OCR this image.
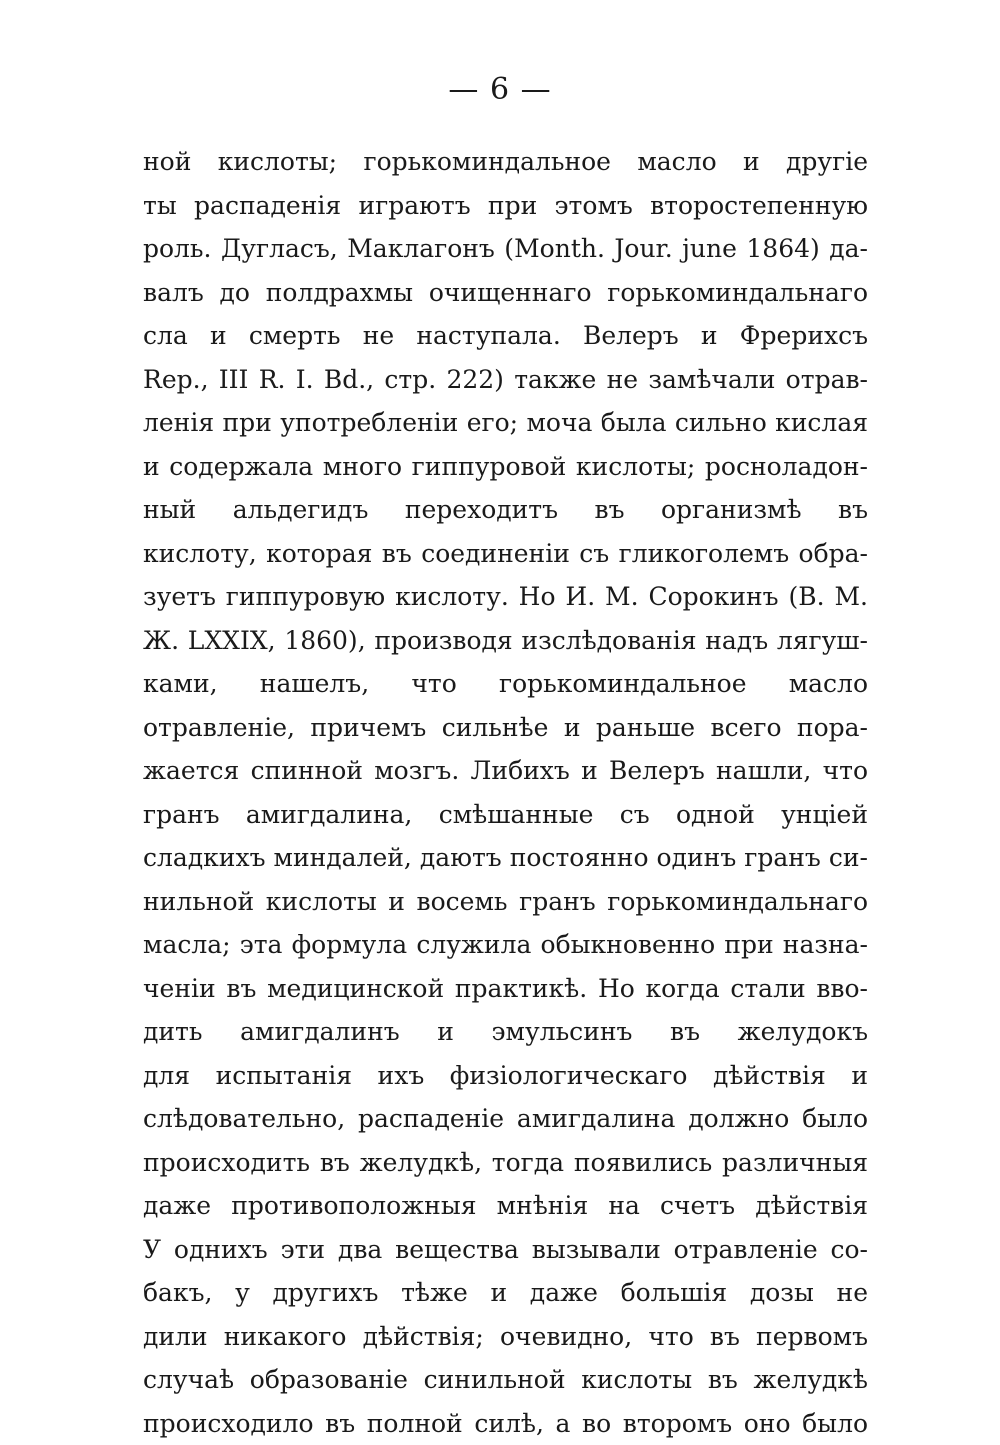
— 6 —
ной кислоты; горькоминдальное масло и другіе
ты распаденія играютъ при этомъ второстепенную
роль. Дугласъ, Маклагонъ (Month. Jour. june 1864) да-
валъ до полдрахмы очищеннаго горькоминдальнаго
сла и смерть не наступала. Велеръ и Фрерихсъ
Rep., III R. I. Bd., стр. 222) также не замѣчали отрав-
ленія при употребленіи его; моча была сильно кислая
и содержала много гиппуровой кислоты; росноладон-
ный альдегидъ переходитъ въ организмѣ въ
кислоту, которая въ соединеніи съ гликоголемъ обра-
зуетъ гиппуровую кислоту. Но И. М. Сорокинъ (В. М.
Ж. LXXIX, 1860), производя изслѣдованія надъ лягуш-
ками, нашелъ, что горькоминдальное масло
отравленіе, причемъ сильнѣе и раньше всего пора-
жается спинной мозгъ. Либихъ и Велеръ нашли, что
гранъ амигдалина, смѣшанные съ одной унціей
сладкихъ миндалей, даютъ постоянно одинъ гранъ си-
нильной кислоты и восемь гранъ горькоминдальнаго
масла; эта формула служила обыкновенно при назна-
ченіи въ медицинской практикѣ. Но когда стали вво-
дить амигдалинъ и эмульсинъ въ желудокъ
для испытанія ихъ физіологическаго дѣйствія и
слѣдовательно, распаденіе амигдалина должно было
происходить въ желудкѣ, тогда появились различныя
даже противоположныя мнѣнія на счетъ дѣйствія
У однихъ эти два вещества вызывали отравленіе со-
бакъ, у другихъ тѣже и даже большія дозы не
дили никакого дѣйствія; очевидно, что въ первомъ
случаѣ образованіе синильной кислоты въ желудкѣ
происходило въ полной силѣ, а во второмъ оно было
